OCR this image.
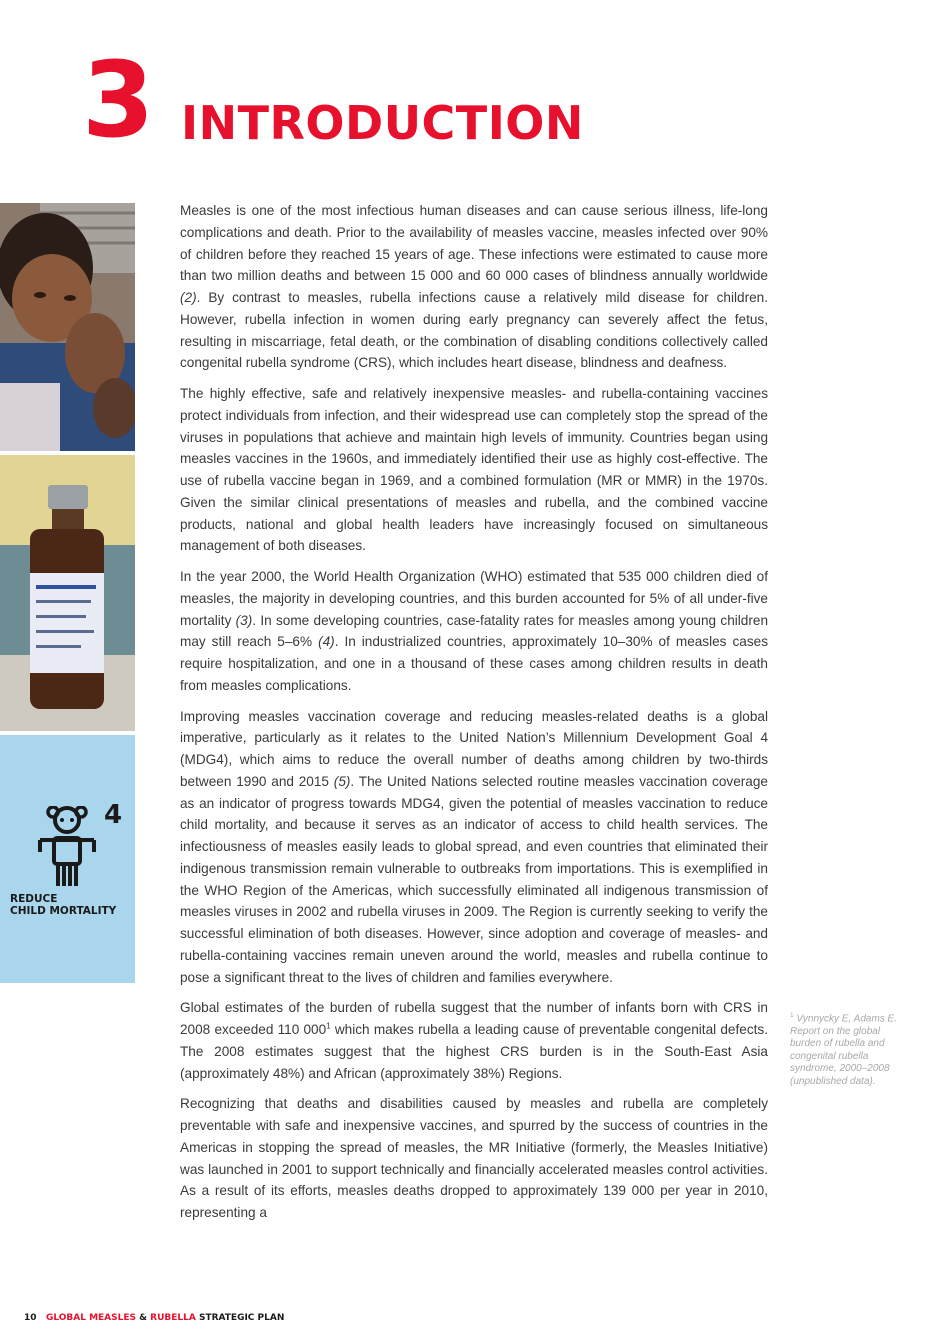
3 INTRODUCTION
4
REDUCE
CHILD MORTALITY

Measles is one of the most infectious human diseases and can cause serious illness, life-long complications and death. Prior to the availability of measles vaccine, measles infected over 90% of children before they reached 15 years of age. These infections were estimated to cause more than two million deaths and between 15 000 and 60 000 cases of blindness annually worldwide (2). By contrast to measles, rubella infections cause a relatively mild disease for children. However, rubella infection in women during early pregnancy can severely affect the fetus, resulting in miscarriage, fetal death, or the combination of disabling conditions collectively called congenital rubella syndrome (CRS), which includes heart disease, blindness and deafness.

The highly effective, safe and relatively inexpensive measles- and rubella-containing vaccines protect individuals from infection, and their widespread use can completely stop the spread of the viruses in populations that achieve and maintain high levels of immunity. Countries began using measles vaccines in the 1960s, and immediately identified their use as highly cost-effective. The use of rubella vaccine began in 1969, and a combined formulation (MR or MMR) in the 1970s. Given the similar clinical presentations of measles and rubella, and the combined vaccine products, national and global health leaders have increasingly focused on simultaneous management of both diseases.

In the year 2000, the World Health Organization (WHO) estimated that 535 000 children died of measles, the majority in developing countries, and this burden accounted for 5% of all under-five mortality (3). In some developing countries, case-fatality rates for measles among young children may still reach 5–6% (4). In industrialized countries, approximately 10–30% of measles cases require hospitalization, and one in a thousand of these cases among children results in death from measles complications.

Improving measles vaccination coverage and reducing measles-related deaths is a global imperative, particularly as it relates to the United Nation’s Millennium Development Goal 4 (MDG4), which aims to reduce the overall number of deaths among children by two-thirds between 1990 and 2015 (5). The United Nations selected routine measles vaccination coverage as an indicator of progress towards MDG4, given the potential of measles vaccination to reduce child mortality, and because it serves as an indicator of access to child health services. The infectiousness of measles easily leads to global spread, and even countries that eliminated their indigenous transmission remain vulnerable to outbreaks from importations. This is exemplified in the WHO Region of the Americas, which successfully eliminated all indigenous transmission of measles viruses in 2002 and rubella viruses in 2009. The Region is currently seeking to verify the successful elimination of both diseases. However, since adoption and coverage of measles- and rubella-containing vaccines remain uneven around the world, measles and rubella continue to pose a significant threat to the lives of children and families everywhere.

Global estimates of the burden of rubella suggest that the number of infants born with CRS in 2008 exceeded 110 $000^1$ which makes rubella a leading cause of preventable congenital defects. The 2008 estimates suggest that the highest CRS burden is in the South-East Asia (approximately 48%) and African (approximately 38%) Regions.

Recognizing that deaths and disabilities caused by measles and rubella are completely preventable with safe and inexpensive vaccines, and spurred by the success of countries in the Americas in stopping the spread of measles, the MR Initiative (formerly, the Measles Initiative) was launched in 2001 to support technically and financially accelerated measles control activities. As a result of its efforts, measles deaths dropped to approximately 139 000 per year in 2010, representing a

$^1$ Vynnycky E, Adams E. Report on the global burden of rubella and congenital rubella syndrome, 2000–2008 (unpublished data).
10 GLOBAL MEASLES & RUBELLA STRATEGIC PLAN
